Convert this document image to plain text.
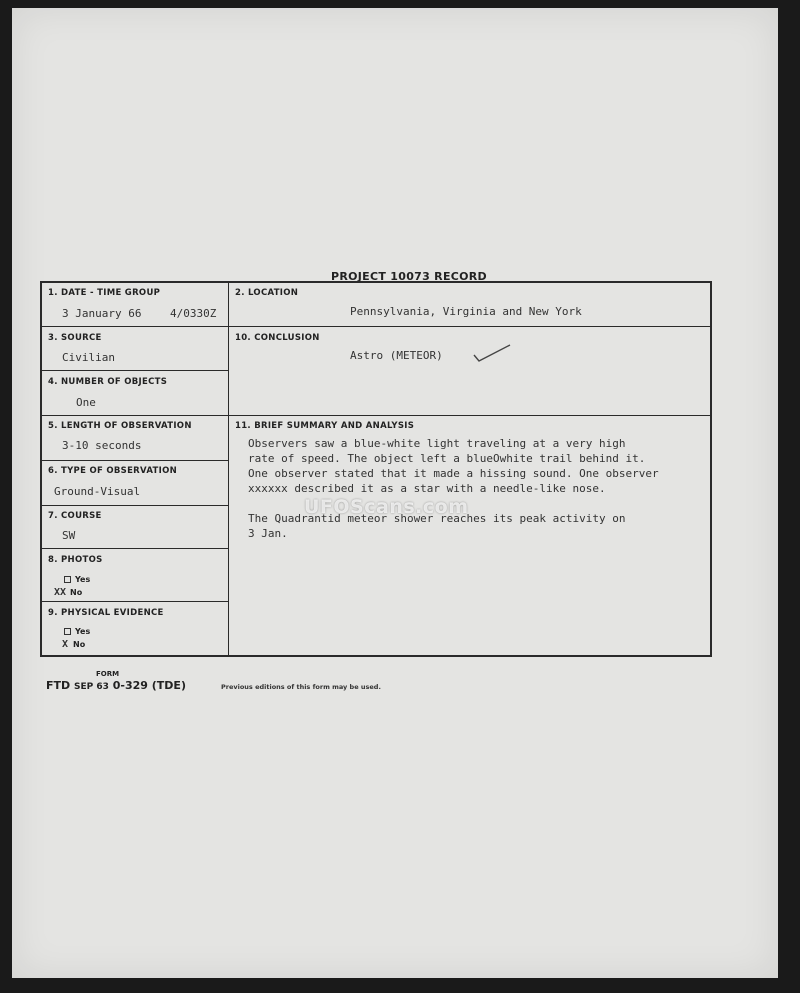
PROJECT 10073 RECORD
1. DATE - TIME GROUP
3 January 66	4/0330Z
2. LOCATION
Pennsylvania, Virginia and New York
3. SOURCE
Civilian
10. CONCLUSION
Astro (METEOR)
4. NUMBER OF OBJECTS
One
5. LENGTH OF OBSERVATION
3-10 seconds
11. BRIEF SUMMARY AND ANALYSIS
Observers saw a blue-white light traveling at a very high
rate of speed. The object left a blueOwhite trail behind it.
One observer stated that it made a hissing sound. One observer
xxxxxx described it as a star with a needle-like nose.

The Quadrantid meteor shower reaches its peak activity on
3 Jan.
6. TYPE OF OBSERVATION
Ground-Visual
7. COURSE
SW
8. PHOTOS
Yes
XX No
9. PHYSICAL EVIDENCE
Yes
X No
FORM
FTD SEP 63 0-329 (TDE)	Previous editions of this form may be used.
UFOScans.com
